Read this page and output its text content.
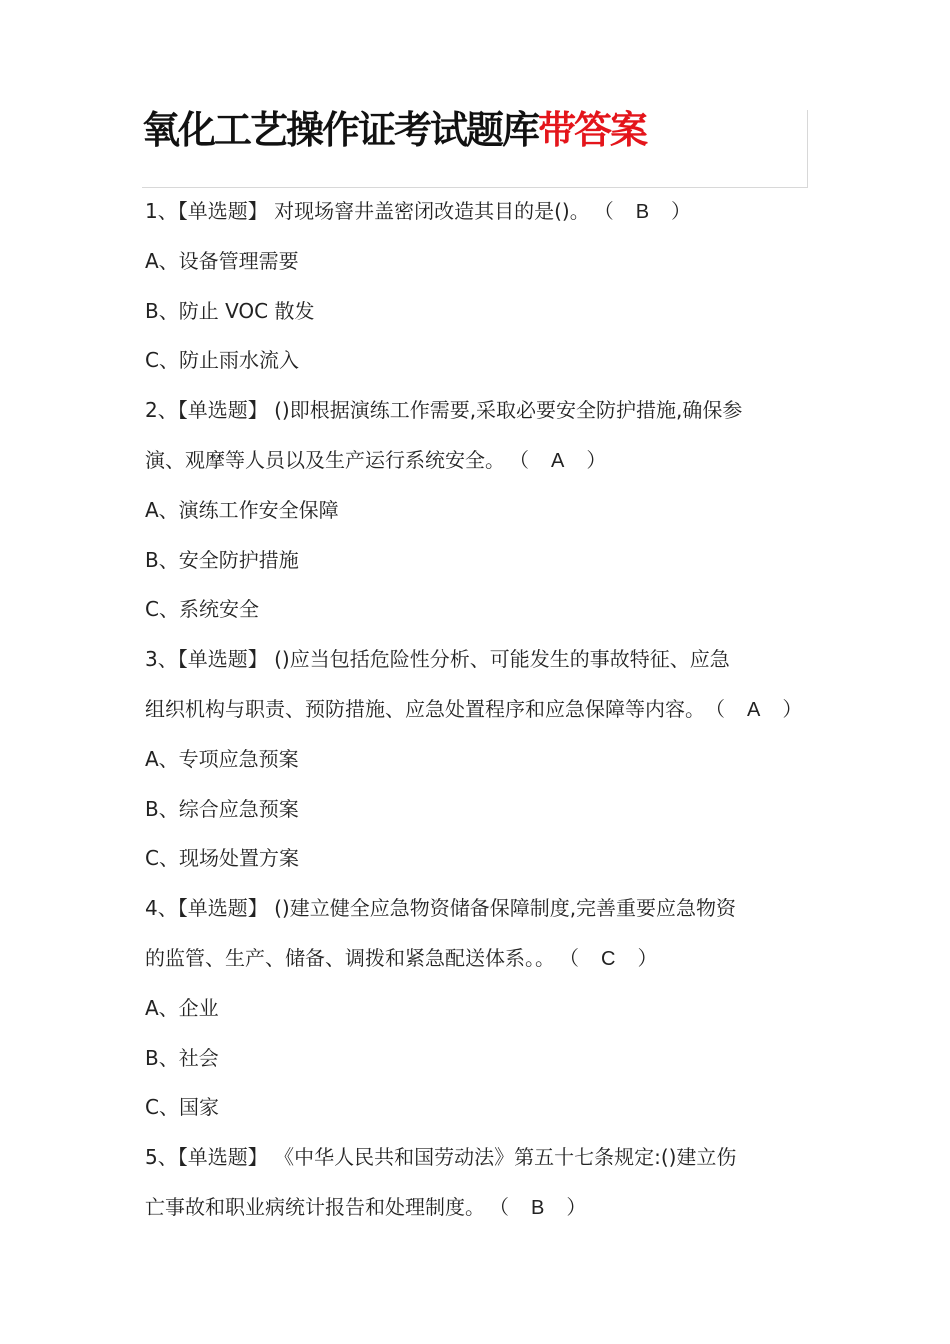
氧化工艺操作证考试题库带答案
1、【单选题】 对现场窨井盖密闭改造其目的是()。 （ B ）
A、设备管理需要
B、防止 VOC 散发
C、防止雨水流入
2、【单选题】 ()即根据演练工作需要,采取必要安全防护措施,确保参
演、观摩等人员以及生产运行系统安全。 （ A ）
A、演练工作安全保障
B、安全防护措施
C、系统安全
3、【单选题】 ()应当包括危险性分析、可能发生的事故特征、应急
组织机构与职责、预防措施、应急处置程序和应急保障等内容。（ A ）
A、专项应急预案
B、综合应急预案
C、现场处置方案
4、【单选题】 ()建立健全应急物资储备保障制度,完善重要应急物资
的监管、生产、储备、调拨和紧急配送体系。。 （ C ）
A、企业
B、社会
C、国家
5、【单选题】 《中华人民共和国劳动法》第五十七条规定:()建立伤
亡事故和职业病统计报告和处理制度。 （ B ）
